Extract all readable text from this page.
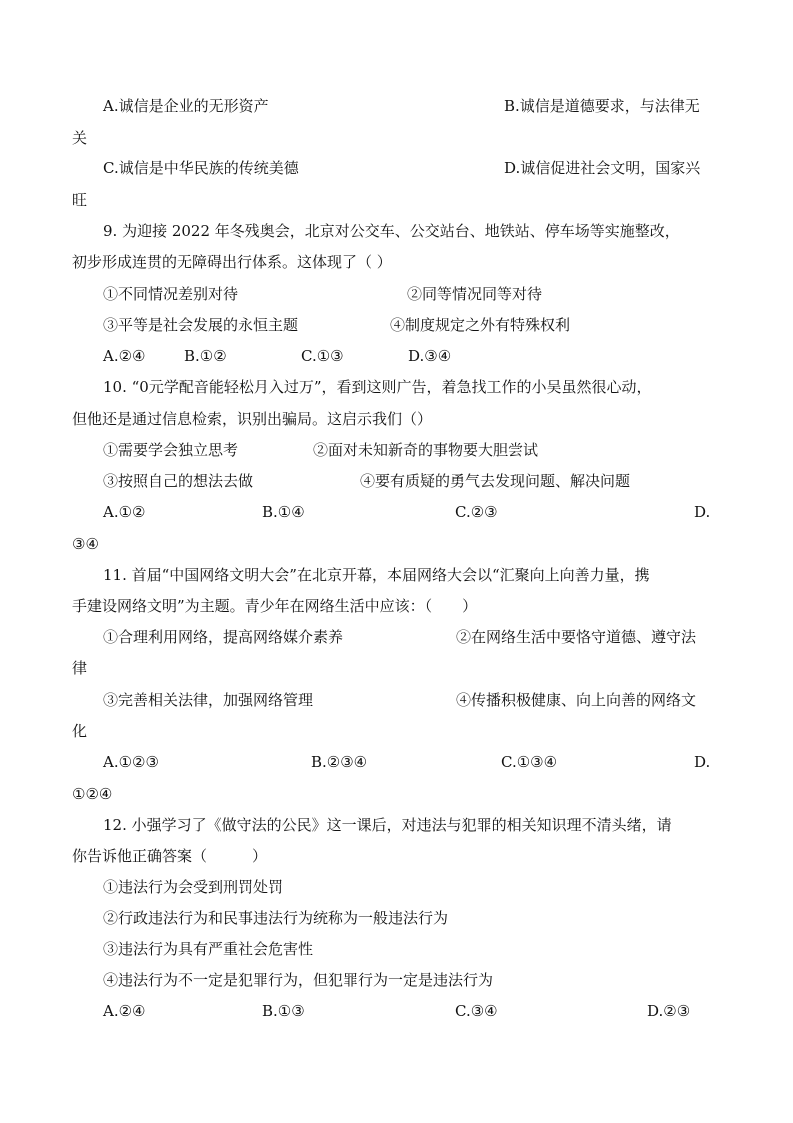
A.诚信是企业的无形资产	B.诚信是道德要求，与法律无
关
C.诚信是中华民族的传统美德	D.诚信促进社会文明，国家兴
旺
9. 为迎接 2022 年冬残奥会，北京对公交车、公交站台、地铁站、停车场等实施整改，
初步形成连贯的无障碍出行体系。这体现了（ ）
①不同情况差别对待	②同等情况同等对待
③平等是社会发展的永恒主题	④制度规定之外有特殊权利
A.②④	B.①②	C.①③	D.③④
10. “0元学配音能轻松月入过万”，看到这则广告，着急找工作的小吴虽然很心动，
但他还是通过信息检索，识别出骗局。这启示我们（）
①需要学会独立思考	②面对未知新奇的事物要大胆尝试
③按照自己的想法去做	④要有质疑的勇气去发现问题、解决问题
A.①②	B.①④	C.②③	D.
③④
11. 首届“中国网络文明大会”在北京开幕，本届网络大会以“汇聚向上向善力量，携
手建设网络文明”为主题。青少年在网络生活中应该：（　　）
①合理利用网络，提高网络媒介素养	②在网络生活中要恪守道德、遵守法
律
③完善相关法律，加强网络管理	④传播积极健康、向上向善的网络文
化
A.①②③	B.②③④	C.①③④	D.
①②④
12. 小强学习了《做守法的公民》这一课后，对违法与犯罪的相关知识理不清头绪，请
你告诉他正确答案（　　　）
①违法行为会受到刑罚处罚
②行政违法行为和民事违法行为统称为一般违法行为
③违法行为具有严重社会危害性
④违法行为不一定是犯罪行为，但犯罪行为一定是违法行为
A.②④	B.①③	C.③④	D.②③
